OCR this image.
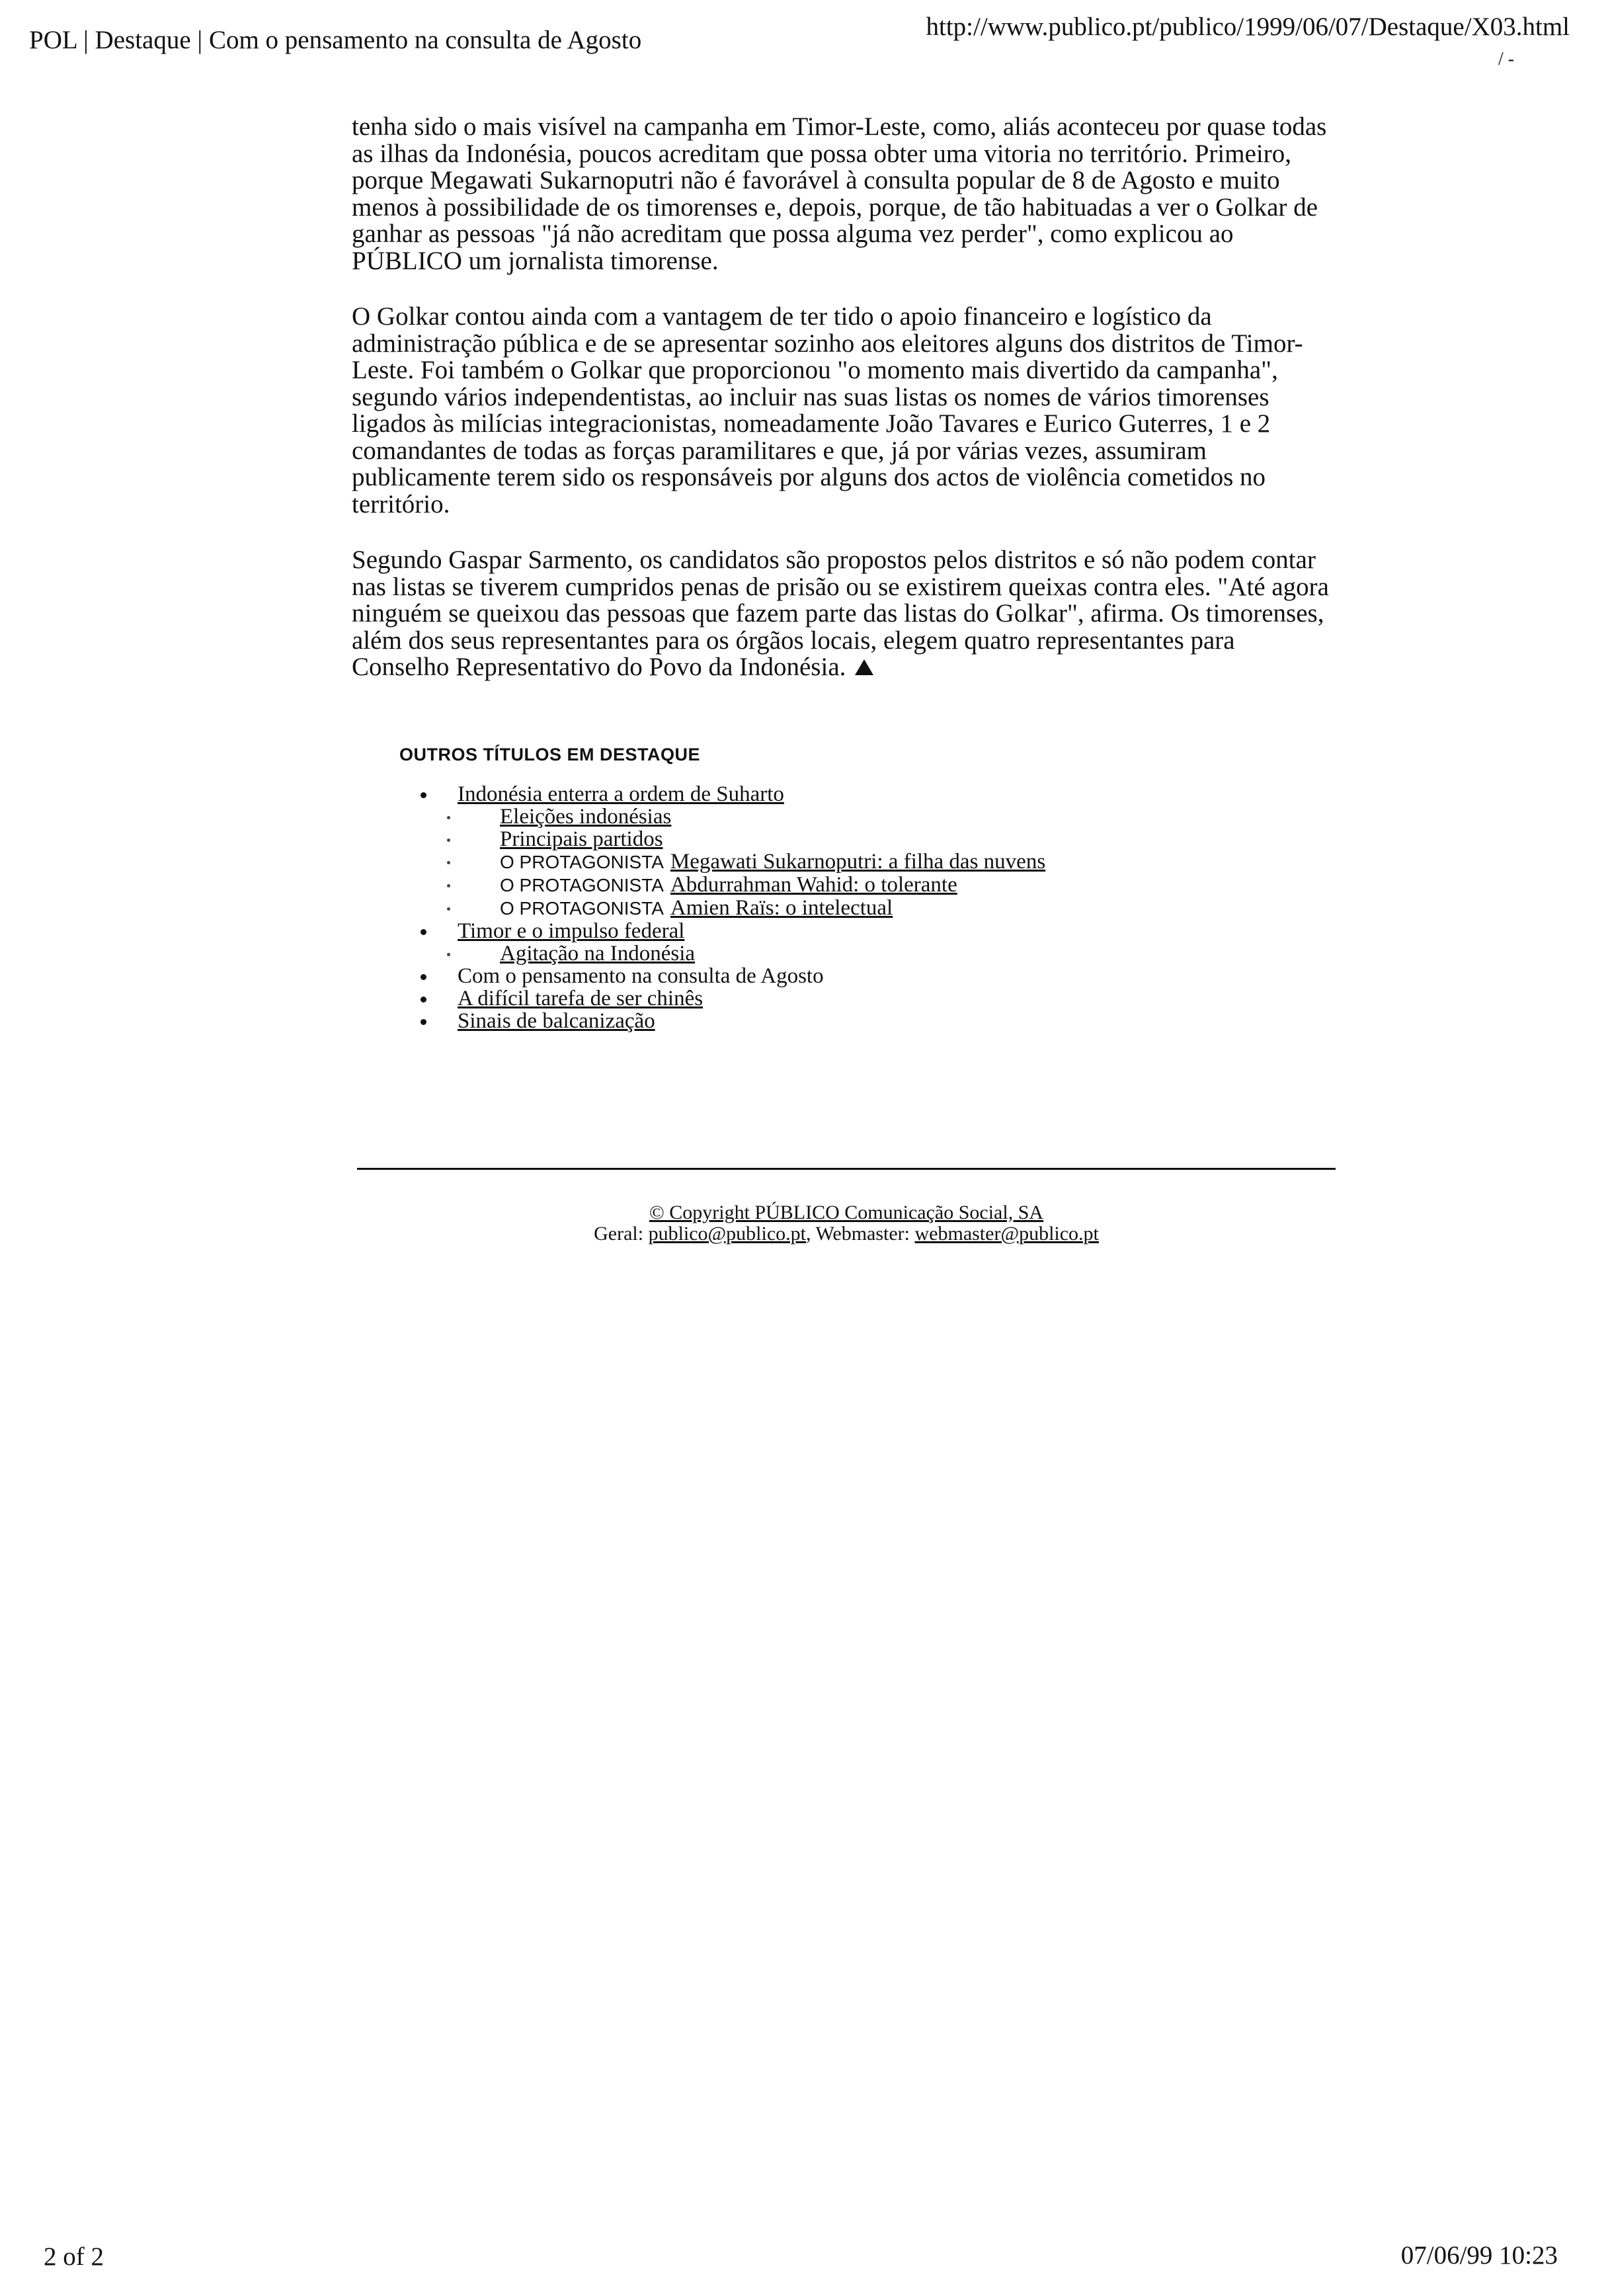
POL | Destaque | Com o pensamento na consulta de Agosto	http://www.publico.pt/publico/1999/06/07/Destaque/X03.html
/ -

tenha sido o mais visível na campanha em Timor-Leste, como, aliás aconteceu por quase todas as ilhas da Indonésia, poucos acreditam que possa obter uma vitoria no território. Primeiro, porque Megawati Sukarnoputri não é favorável à consulta popular de 8 de Agosto e muito menos à possibilidade de os timorenses e, depois, porque, de tão habituadas a ver o Golkar de ganhar as pessoas "já não acreditam que possa alguma vez perder", como explicou ao PÚBLICO um jornalista timorense.

O Golkar contou ainda com a vantagem de ter tido o apoio financeiro e logístico da administração pública e de se apresentar sozinho aos eleitores alguns dos distritos de Timor-Leste. Foi também o Golkar que proporcionou "o momento mais divertido da campanha", segundo vários independentistas, ao incluir nas suas listas os nomes de vários timorenses ligados às milícias integracionistas, nomeadamente João Tavares e Eurico Guterres, 1 e 2 comandantes de todas as forças paramilitares e que, já por várias vezes, assumiram publicamente terem sido os responsáveis por alguns dos actos de violência cometidos no território.

Segundo Gaspar Sarmento, os candidatos são propostos pelos distritos e só não podem contar nas listas se tiverem cumpridos penas de prisão ou se existirem queixas contra eles. "Até agora ninguém se queixou das pessoas que fazem parte das listas do Golkar", afirma. Os timorenses, além dos seus representantes para os órgãos locais, elegem quatro representantes para Conselho Representativo do Povo da Indonésia.

OUTROS TÍTULOS EM DESTAQUE
Indonésia enterra a ordem de Suharto
Eleições indonésias
Principais partidos
O PROTAGONISTA Megawati Sukarnoputri: a filha das nuvens
O PROTAGONISTA Abdurrahman Wahid: o tolerante
O PROTAGONISTA Amien Raïs: o intelectual
Timor e o impulso federal
Agitação na Indonésia
Com o pensamento na consulta de Agosto
A difícil tarefa de ser chinês
Sinais de balcanização
© Copyright PÚBLICO Comunicação Social, SA
Geral: publico@publico.pt, Webmaster: webmaster@publico.pt
2 of 2	07/06/99 10:23
